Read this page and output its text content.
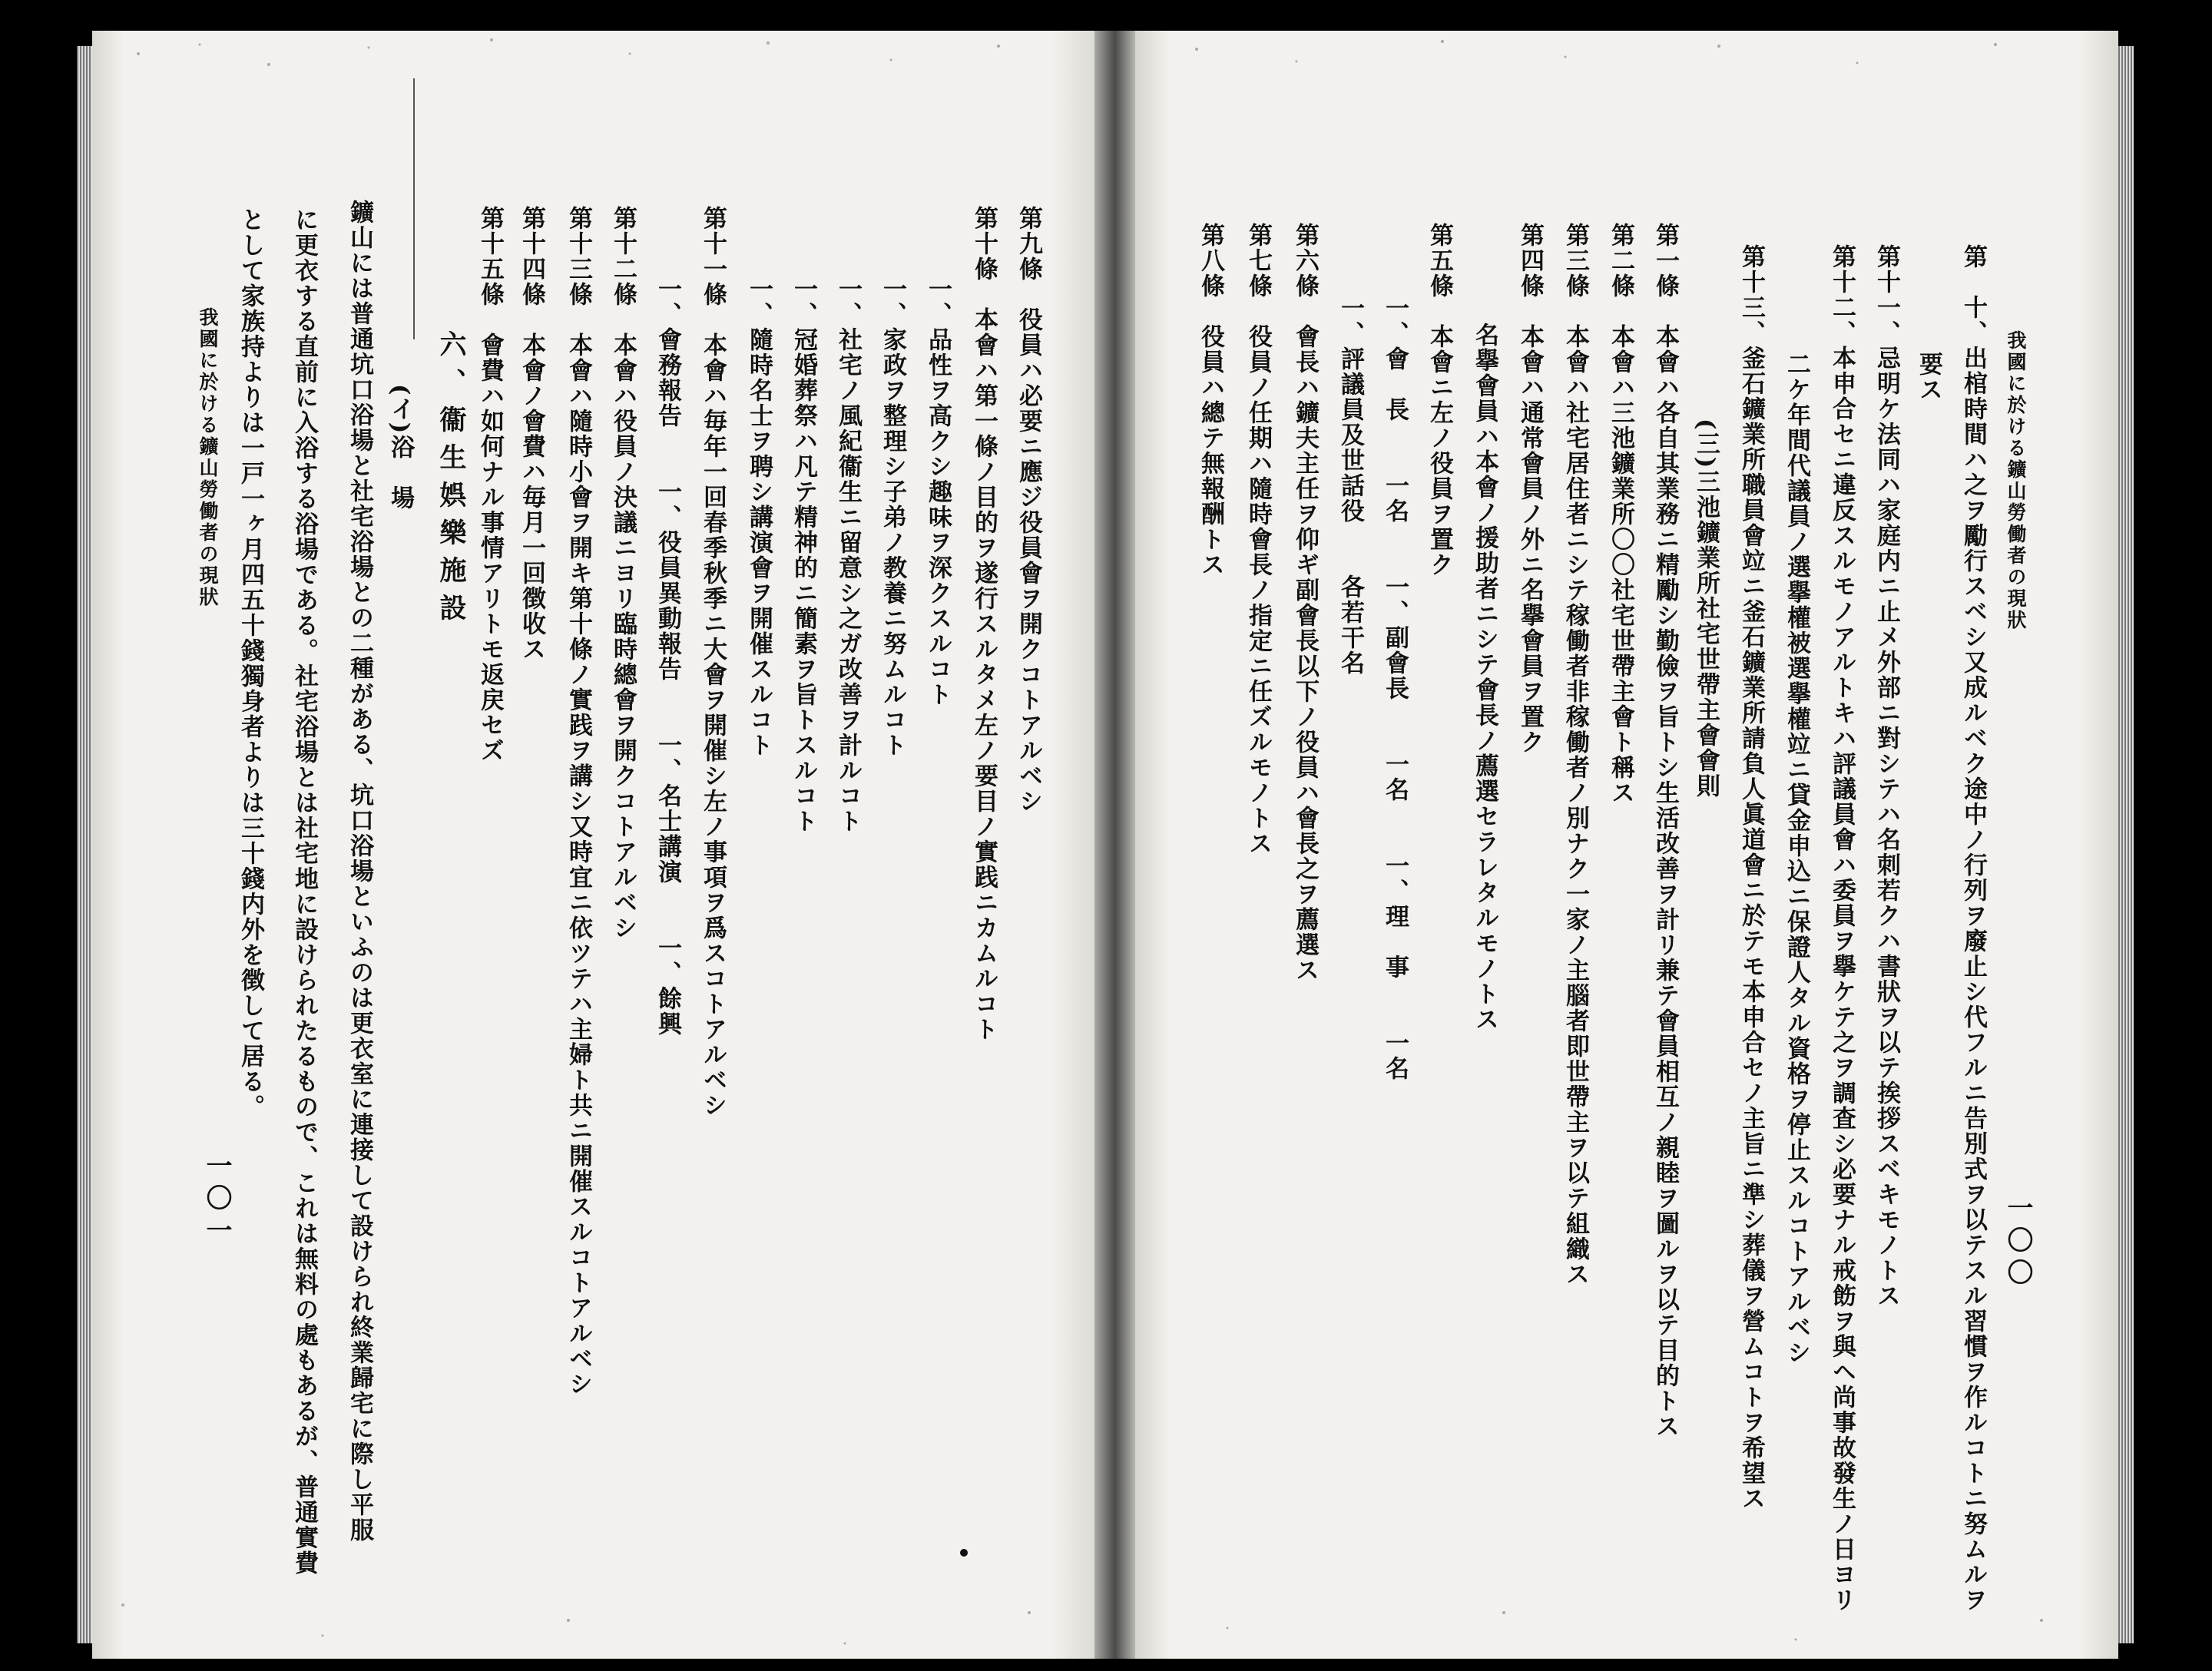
我國に於ける鑛山勞働者の現狀

一〇一

として家族持よりは一戸一ヶ月四五十錢獨身者よりは三十錢内外を徴して居る。 に更衣する直前に入浴する浴場である。社宅浴場とは社宅地に設けられたるもので、これは無料の處もあるが、普通實費 鑛山には普通坑口浴場と社宅浴場との二種がある、坑口浴場といふのは更衣室に連接して設けられ終業歸宅に際し平服 (イ)浴　場 六、衞生娯樂施設

第十五條　會費ハ如何ナル事情アリトモ返戻セズ

第十四條　本會ノ會費ハ毎月一回徴收ス

第十三條　本會ハ隨時小會ヲ開キ第十條ノ實践ヲ講シ又時宜ニ依ツテハ主婦ト共ニ開催スルコトアルベシ

第十二條　本會ハ役員ノ決議ニヨリ臨時總會ヲ開クコトアルベシ 一、會務報告　　一、役員異動報告　　一、名士講演　　一、餘興

第十一條　本會ハ毎年一回春季秋季ニ大會ヲ開催シ左ノ事項ヲ爲スコトアルベシ 一、隨時名士ヲ聘シ講演會ヲ開催スルコト 一、冠婚葬祭ハ凡テ精神的ニ簡素ヲ旨トスルコト 一、社宅ノ風紀衞生ニ留意シ之ガ改善ヲ計ルコト 一、家政ヲ整理シ子弟ノ教養ニ努ムルコト 一、品性ヲ高クシ趣味ヲ深クスルコト

第十條　本會ハ第一條ノ目的ヲ遂行スルタメ左ノ要目ノ實践ニカムルコト

第九條　役員ハ必要ニ應ジ役員會ヲ開クコトアルベシ

第八條　役員ハ總テ無報酬トス

第七條　役員ノ任期ハ隨時會長ノ指定ニ任ズルモノトス

第六條　會長ハ鑛夫主任ヲ仰ギ副會長以下ノ役員ハ會長之ヲ薦選ス 一、評議員及世話役　　各若干名 一、會　長　　一名　　一、副會長　　一名　　一、理　事　　一名

第五條　本會ニ左ノ役員ヲ置ク 名擧會員ハ本會ノ援助者ニシテ會長ノ薦選セラレタルモノトス

第四條　本會ハ通常會員ノ外ニ名擧會員ヲ置ク

第三條　本會ハ社宅居住者ニシテ稼働者非稼働者ノ別ナク一家ノ主腦者即世帶主ヲ以テ組織ス

第二條　本會ハ三池鑛業所〇〇社宅世帶主會ト稱ス

第一條　本會ハ各自其業務ニ精勵シ勤儉ヲ旨トシ生活改善ヲ計リ兼テ會員相互ノ親睦ヲ圖ルヲ以テ目的トス (三)三池鑛業所社宅世帶主會會則

第十三、釜石鑛業所職員會竝ニ釜石鑛業所請負人眞道會ニ於テモ本申合セノ主旨ニ準シ葬儀ヲ營ムコトヲ希望ス 二ケ年間代議員ノ選擧權被選擧權竝ニ貸金申込ニ保證人タル資格ヲ停止スルコトアルベシ

第十二、本申合セニ違反スルモノアルトキハ評議員會ハ委員ヲ擧ケテ之ヲ調査シ必要ナル戒飭ヲ與ヘ尚事故發生ノ日ヨリ

第十一、忌明ケ法同ハ家庭内ニ止メ外部ニ對シテハ名刺若クハ書狀ヲ以テ挨拶スベキモノトス 要ス

第　十、出棺時間ハ之ヲ勵行スベシ又成ルベク途中ノ行列ヲ廢止シ代フルニ告別式ヲ以テスル習慣ヲ作ルコトニ努ムルヲ 我國に於ける鑛山勞働者の現狀

一〇〇
